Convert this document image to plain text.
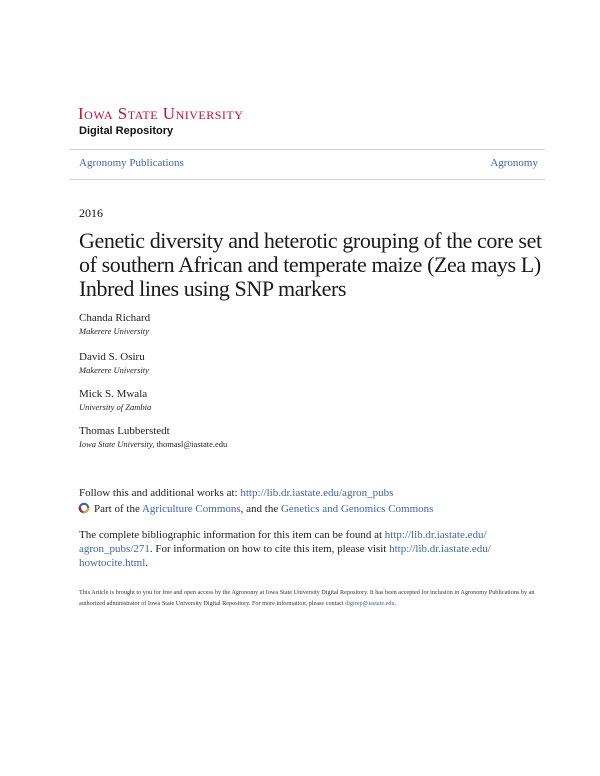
Iowa State University
Digital Repository
Agronomy Publications	Agronomy
2016
Genetic diversity and heterotic grouping of the core set of southern African and temperate maize (Zea mays L) Inbred lines using SNP markers
Chanda Richard
Makerere University
David S. Osiru
Makerere University
Mick S. Mwala
University of Zambia
Thomas Lubberstedt
Iowa State University, thomasl@iastate.edu
Follow this and additional works at: http://lib.dr.iastate.edu/agron_pubs
Part of the Agriculture Commons, and the Genetics and Genomics Commons
The complete bibliographic information for this item can be found at http://lib.dr.iastate.edu/
agron_pubs/271. For information on how to cite this item, please visit http://lib.dr.iastate.edu/
howtocite.html.
This Article is brought to you for free and open access by the Agronomy at Iowa State University Digital Repository. It has been accepted for inclusion in Agronomy Publications by an authorized administrator of Iowa State University Digital Repository. For more information, please contact digirep@iastate.edu.
